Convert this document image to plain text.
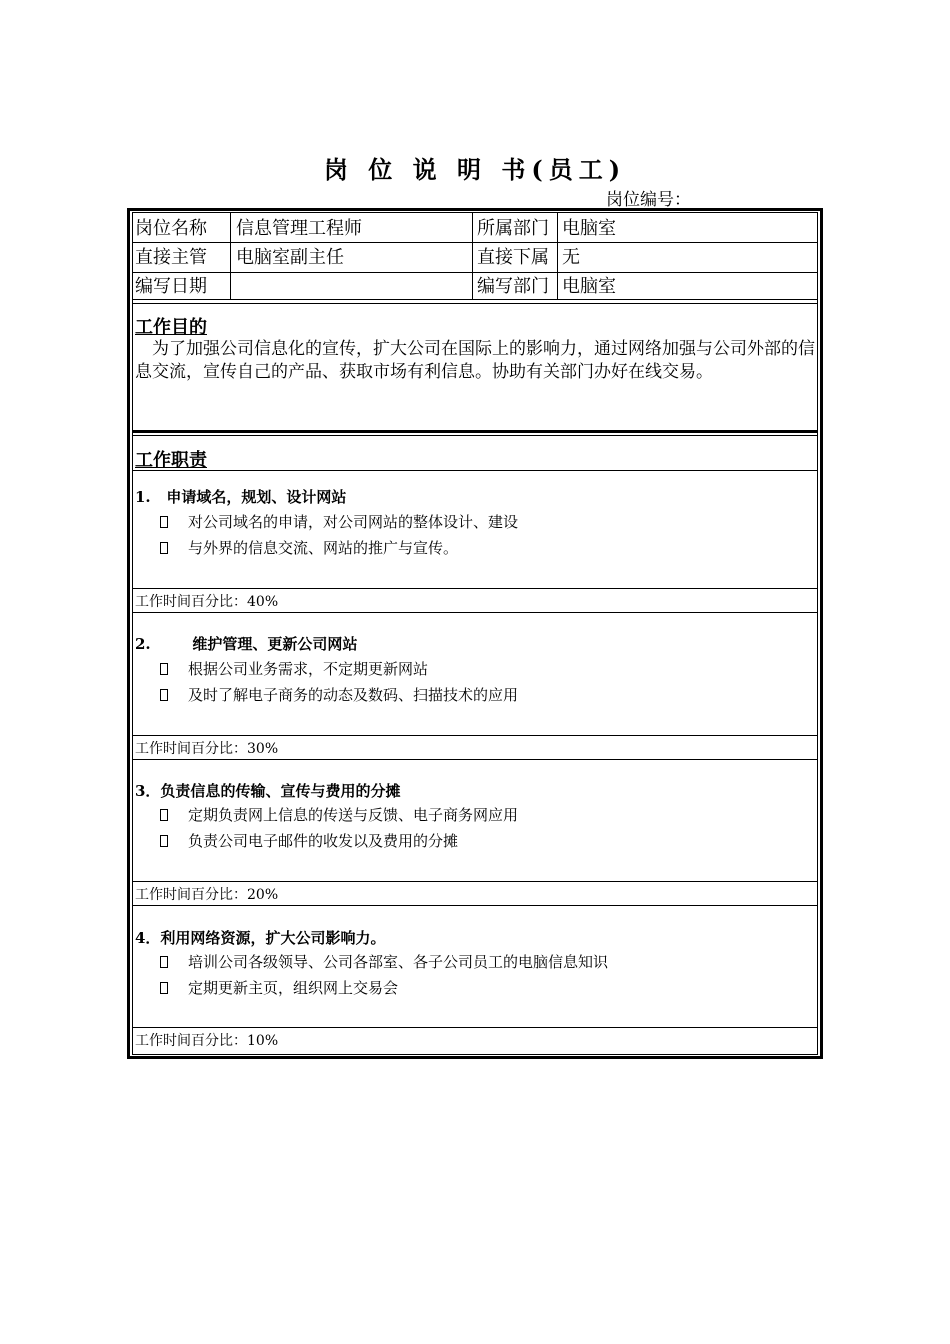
岗 位 说 明 书(员工)
岗位编号：
岗位名称 信息管理工程师	所属部门 电脑室
直接主管 电脑室副主任	直接下属 无
编写日期	编写部门 电脑室
工作目的
　为了加强公司信息化的宣传，扩大公司在国际上的影响力，通过网络加强与公司外部的信息交流，宣传自己的产品、获取市场有利信息。协助有关部门办好在线交易。
工作职责
1.   申请域名，规划、设计网站
对公司域名的申请，对公司网站的整体设计、建设
与外界的信息交流、网站的推广与宣传。
工作时间百分比：40%
2.        维护管理、更新公司网站
根据公司业务需求，不定期更新网站
及时了解电子商务的动态及数码、扫描技术的应用
工作时间百分比：30%
3．负责信息的传输、宣传与费用的分摊
定期负责网上信息的传送与反馈、电子商务网应用
负责公司电子邮件的收发以及费用的分摊
工作时间百分比：20%
4．利用网络资源，扩大公司影响力。
培训公司各级领导、公司各部室、各子公司员工的电脑信息知识
定期更新主页，组织网上交易会
工作时间百分比：10%
